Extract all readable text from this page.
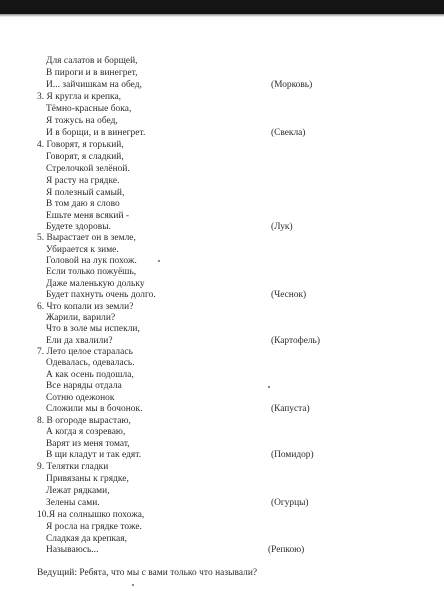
Для салатов и борщей,
В пироги и в винегрет,
И... зайчишкам на обед,
3. Я кругла и крепка,
Тёмно-красные бока,
Я тожусь на обед,
И в борщи, и в винегрет.
4. Говорят, я горький,
Говорят, я сладкий,
Стрелочкой зелёной.
Я расту на грядке.
Я полезный самый,
В том даю я слово
Ешьте меня всякий -
Будете здоровы.
5. Вырастает он в земле,
Убирается к зиме.
Головой на лук похож.
Если только пожуёшь,
Даже маленькую дольку
Будет пахнуть очень долго.
6. Что копали из земли?
Жарили, варили?
Что в золе мы испекли,
Ели да хвалили?
7. Лето целое старалась
Одевалась, одевалась.
А как осень подошла,
Все наряды отдала
Сотню одежонок
Сложили мы в бочонок.
8. В огороде вырастаю,
А когда я созреваю,
Варят из меня томат,
В щи кладут и так едят.
9. Телятки гладки
Привязаны к грядке,
Лежат рядками,
Зелены сами.
10.Я на солнышко похожа,
Я росла на грядке тоже.
Сладкая да крепкая,
Называюсь...
(Морковь)
(Свекла)
(Лук)
(Чеснок)
(Картофель)
(Капуста)
(Помидор)
(Огурцы)
(Репкою)
Ведущий: Ребята, что мы с вами только что называли?
